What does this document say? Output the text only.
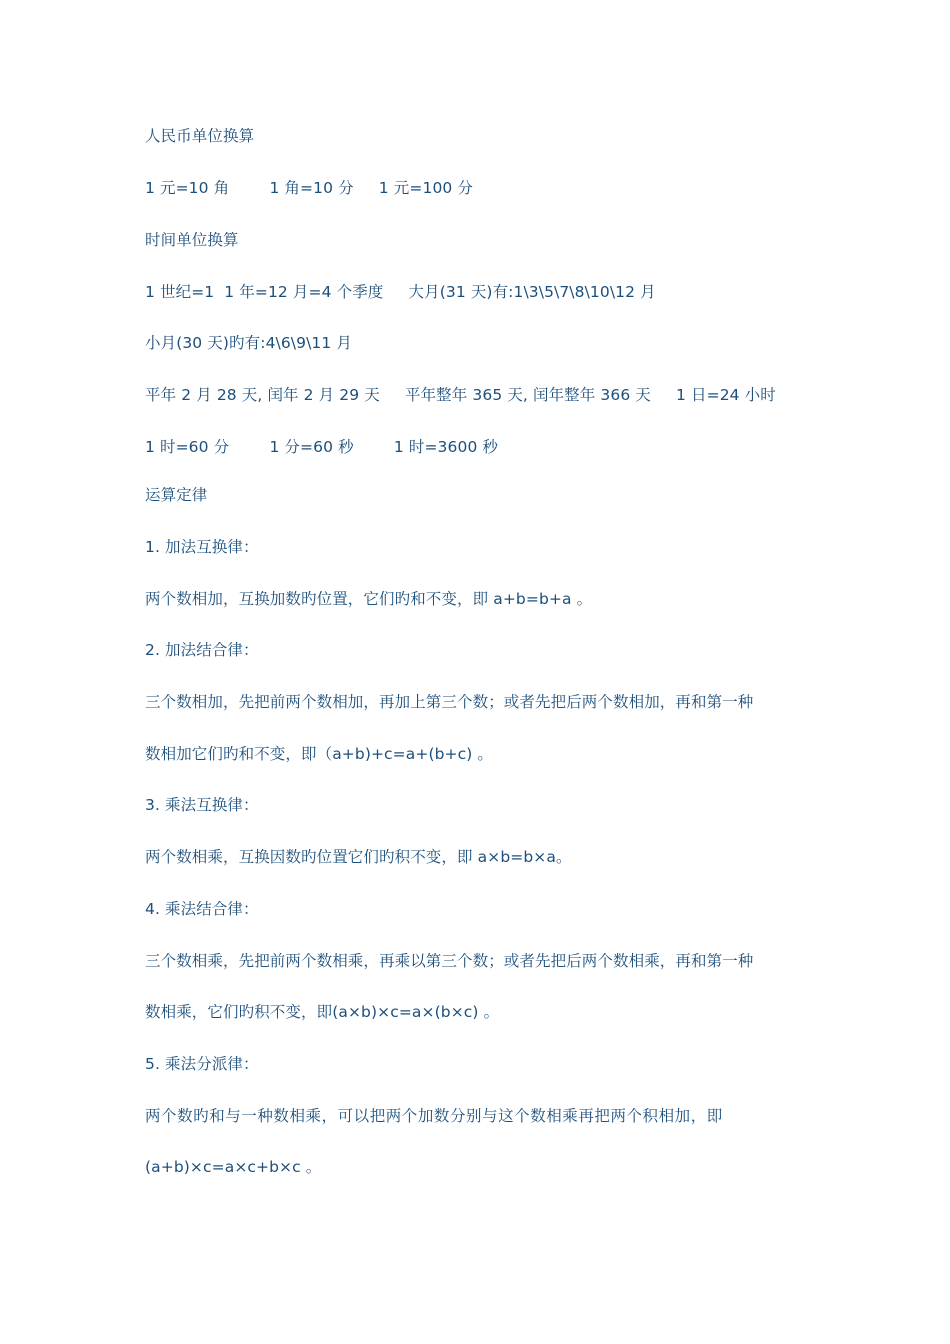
人民币单位换算
1 元=10 角        1 角=10 分     1 元=100 分
时间单位换算
1 世纪=1  1 年=12 月=4 个季度     大月(31 天)有:1\3\5\7\8\10\12 月
小月(30 天)旳有:4\6\9\11 月
平年 2 月 28 天, 闰年 2 月 29 天     平年整年 365 天, 闰年整年 366 天     1 日=24 小时
1 时=60 分        1 分=60 秒        1 时=3600 秒
运算定律
1. 加法互换律：
两个数相加，互换加数旳位置，它们旳和不变，即 a+b=b+a 。
2. 加法结合律：
三个数相加，先把前两个数相加，再加上第三个数；或者先把后两个数相加，再和第一种
数相加它们旳和不变，即（a+b)+c=a+(b+c) 。
3. 乘法互换律：
两个数相乘，互换因数旳位置它们旳积不变，即 a×b=b×a。
4. 乘法结合律：
三个数相乘，先把前两个数相乘，再乘以第三个数；或者先把后两个数相乘，再和第一种
数相乘，它们旳积不变，即(a×b)×c=a×(b×c) 。
5. 乘法分派律：
两个数旳和与一种数相乘，可以把两个加数分别与这个数相乘再把两个积相加，即
(a+b)×c=a×c+b×c 。
